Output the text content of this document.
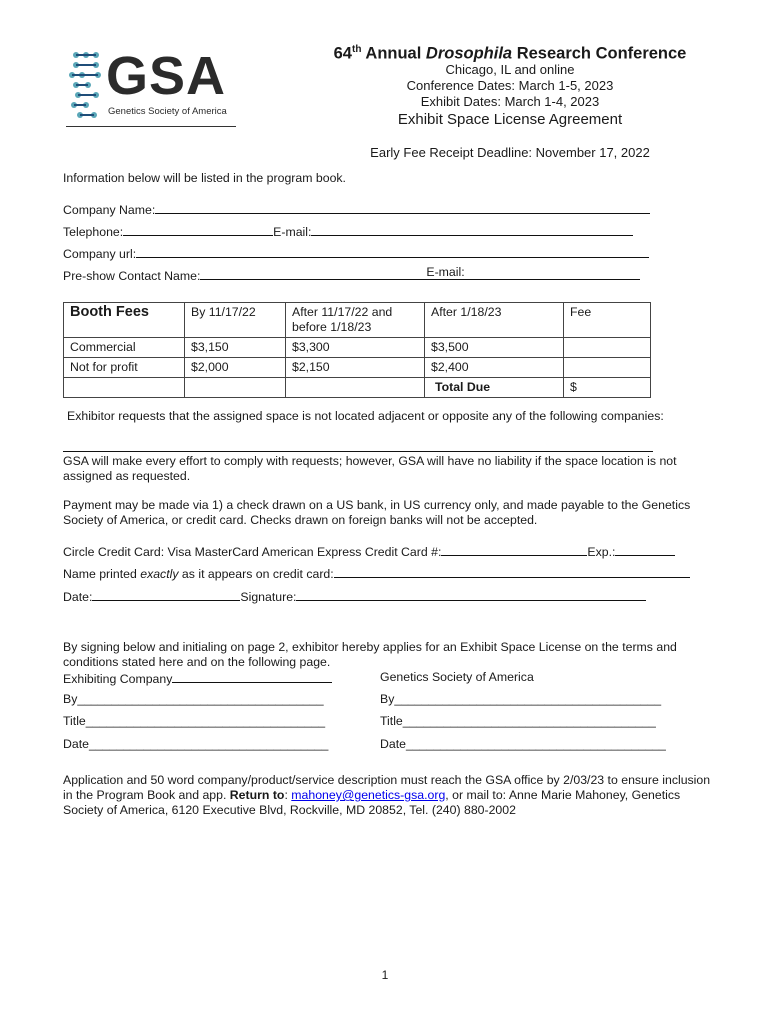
GSA
Genetics Society of America
64th Annual Drosophila Research Conference
Chicago, IL and online
Conference Dates: March 1-5, 2023
Exhibit Dates: March 1-4, 2023
Exhibit Space License Agreement
Early Fee Receipt Deadline: November 17, 2022
Information below will be listed in the program book.
Company Name:
Telephone:	E-mail:
Company url:
Pre-show Contact Name:	E-mail:
Booth Fees	By 11/17/22	After 11/17/22 and before 1/18/23	After 1/18/23	Fee
Commercial	$3,150	$3,300	$3,500	
Not for profit	$2,000	$2,150	$2,400	
			Total Due	$
Exhibitor requests that the assigned space is not located adjacent or opposite any of the following companies:
GSA will make every effort to comply with requests; however, GSA will have no liability if the space location is not assigned as requested.
Payment may be made via 1) a check drawn on a US bank, in US currency only, and made payable to the Genetics Society of America, or credit card. Checks drawn on foreign banks will not be accepted.
Circle Credit Card: Visa MasterCard American Express Credit Card #:	Exp.:
Name printed exactly as it appears on credit card:
Date:	Signature:
By signing below and initialing on page 2, exhibitor hereby applies for an Exhibit Space License on the terms and conditions stated here and on the following page.
Exhibiting Company	Genetics Society of America
By____________________________________
Title___________________________________
Date___________________________________
By_______________________________________
Title_____________________________________
Date______________________________________
Application and 50 word company/product/service description must reach the GSA office by 2/03/23 to ensure inclusion in the Program Book and app. Return to: mahoney@genetics-gsa.org, or mail to: Anne Marie Mahoney, Genetics Society of America, 6120 Executive Blvd, Rockville, MD 20852, Tel. (240) 880-2002
1
